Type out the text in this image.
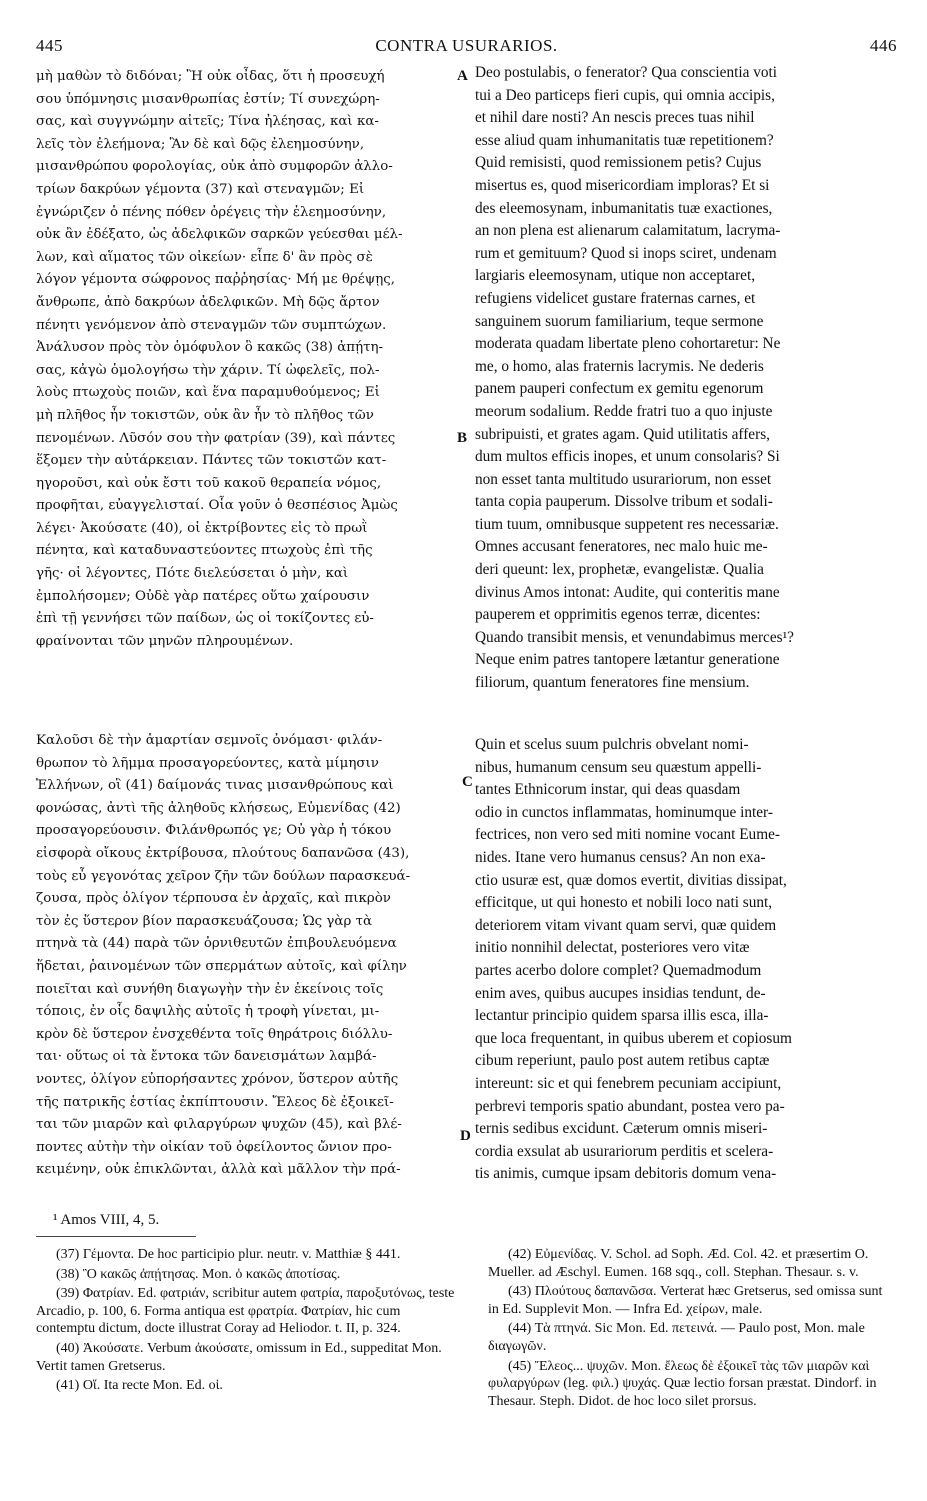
445	CONTRA USURARIOS.	446
A
B
C
D
μὴ μαθὼν τὸ διδόναι; Ἢ οὐκ οἶδας, ὅτι ἡ προσευχή
σου ὑπόμνησις μισανθρωπίας ἐστίν; Τί συνεχώρη-
σας, καὶ συγγνώμην αἰτεῖς; Τίνα ἠλέησας, καὶ κα-
λεῖς τὸν ἐλεήμονα; Ἂν δὲ καὶ δῷς ἐλεημοσύνην,
μισανθρώπου φορολογίας, οὐκ ἀπὸ συμφορῶν ἀλλο-
τρίων δακρύων γέμοντα (37) καὶ στεναγμῶν; Εἰ
ἐγνώριζεν ὁ πένης πόθεν ὀρέγεις τὴν ἐλεημοσύνην,
οὐκ ἂν ἐδέξατο, ὡς ἀδελφικῶν σαρκῶν γεύεσθαι μέλ-
λων, καὶ αἵματος τῶν οἰκείων· εἶπε δ' ἂν πρὸς σὲ
λόγον γέμοντα σώφρονος παῤῥησίας· Μή με θρέψῃς,
ἄνθρωπε, ἀπὸ δακρύων ἀδελφικῶν. Μὴ δῷς ἄρτον
πένητι γενόμενον ἀπὸ στεναγμῶν τῶν συμπτώχων.
Ἀνάλυσον πρὸς τὸν ὁμόφυλον ὃ κακῶς (38) ἀπῄτη-
σας, κἀγὼ ὁμολογήσω τὴν χάριν. Τί ὠφελεῖς, πολ-
λοὺς πτωχοὺς ποιῶν, καὶ ἕνα παραμυθούμενος; Εἰ
μὴ πλῆθος ἦν τοκιστῶν, οὐκ ἂν ἦν τὸ πλῆθος τῶν
πενομένων. Λῦσόν σου τὴν φατρίαν (39), καὶ πάντες
ἕξομεν τὴν αὐτάρκειαν. Πάντες τῶν τοκιστῶν κατ-
ηγοροῦσι, καὶ οὐκ ἔστι τοῦ κακοῦ θεραπεία νόμος,
προφῆται, εὐαγγελισταί. Οἷα γοῦν ὁ θεσπέσιος Ἀμὼς
λέγει· Ἀκούσατε (40), οἱ ἐκτρίβοντες εἰς τὸ πρωῒ
πένητα, καὶ καταδυναστεύοντες πτωχοὺς ἐπὶ τῆς
γῆς· οἱ λέγοντες, Πότε διελεύσεται ὁ μὴν, καὶ
ἐμπολήσομεν; Οὐδὲ γὰρ πατέρες οὕτω χαίρουσιν
ἐπὶ τῇ γεννήσει τῶν παίδων, ὡς οἱ τοκίζοντες εὐ-
φραίνονται τῶν μηνῶν πληρουμένων.
Καλοῦσι δὲ τὴν ἁμαρτίαν σεμνοῖς ὀνόμασι· φιλάν-
θρωπον τὸ λῆμμα προσαγορεύοντες, κατὰ μίμησιν
Ἑλλήνων, οἳ (41) δαίμονάς τινας μισανθρώπους καὶ
φονώσας, ἀντὶ τῆς ἀληθοῦς κλήσεως, Εὐμενίδας (42)
προσαγορεύουσιν. Φιλάνθρωπός γε; Οὐ γὰρ ἡ τόκου
εἰσφορὰ οἴκους ἐκτρίβουσα, πλούτους δαπανῶσα (43),
τοὺς εὖ γεγονότας χεῖρον ζῆν τῶν δούλων παρασκευά-
ζουσα, πρὸς ὀλίγον τέρπουσα ἐν ἀρχαῖς, καὶ πικρὸν
τὸν ἐς ὕστερον βίον παρασκευάζουσα; Ὡς γὰρ τὰ
πτηνὰ τὰ (44) παρὰ τῶν ὀρνιθευτῶν ἐπιβουλευόμενα
ἥδεται, ῥαινομένων τῶν σπερμάτων αὐτοῖς, καὶ φίλην
ποιεῖται καὶ συνήθη διαγωγὴν τὴν ἐν ἐκείνοις τοῖς
τόποις, ἐν οἷς δαψιλὴς αὐτοῖς ἡ τροφὴ γίνεται, μι-
κρὸν δὲ ὕστερον ἐνσχεθέντα τοῖς θηράτροις διόλλυ-
ται· οὕτως οἱ τὰ ἔντοκα τῶν δανεισμάτων λαμβά-
νοντες, ὀλίγον εὐπορήσαντες χρόνον, ὕστερον αὐτῆς
τῆς πατρικῆς ἑστίας ἐκπίπτουσιν. Ἔλεος δὲ ἐξοικεῖ-
ται τῶν μιαρῶν καὶ φιλαργύρων ψυχῶν (45), καὶ βλέ-
ποντες αὐτὴν τὴν οἰκίαν τοῦ ὀφείλοντος ὤνιον προ-
κειμένην, οὐκ ἐπικλῶνται, ἀλλὰ καὶ μᾶλλον τὴν πρά-
Deo postulabis, o fenerator? Qua conscientia voti
tui a Deo particeps fieri cupis, qui omnia accipis,
et nihil dare nosti? An nescis preces tuas nihil
esse aliud quam inhumanitatis tuæ repetitionem?
Quid remisisti, quod remissionem petis? Cujus
misertus es, quod misericordiam imploras? Et si
des eleemosynam, inbumanitatis tuæ exactiones,
an non plena est alienarum calamitatum, lacryma-
rum et gemituum? Quod si inops sciret, undenam
largiaris eleemosynam, utique non acceptaret,
refugiens videlicet gustare fraternas carnes, et
sanguinem suorum familiarium, teque sermone
moderata quadam libertate pleno cohortaretur: Ne
me, o homo, alas fraternis lacrymis. Ne dederis
panem pauperi confectum ex gemitu egenorum
meorum sodalium. Redde fratri tuo a quo injuste
subripuisti, et grates agam. Quid utilitatis affers,
dum multos efficis inopes, et unum consolaris? Si
non esset tanta multitudo usurariorum, non esset
tanta copia pauperum. Dissolve tribum et sodali-
tium tuum, omnibusque suppetent res necessariæ.
Omnes accusant feneratores, nec malo huic me-
deri queunt: lex, prophetæ, evangelistæ. Qualia
divinus Amos intonat: Audite, qui conteritis mane
pauperem et opprimitis egenos terræ, dicentes:
Quando transibit mensis, et venundabimus merces¹?
Neque enim patres tantopere lætantur generatione
filiorum, quantum feneratores fine mensium.
Quin et scelus suum pulchris obvelant nomi-
nibus, humanum censum seu quæstum appelli-
tantes Ethnicorum instar, qui deas quasdam
odio in cunctos inflammatas, hominumque inter-
fectrices, non vero sed miti nomine vocant Eume-
nides. Itane vero humanus census? An non exa-
ctio usuræ est, quæ domos evertit, divitias dissipat,
efficitque, ut qui honesto et nobili loco nati sunt,
deteriorem vitam vivant quam servi, quæ quidem
initio nonnihil delectat, posteriores vero vitæ
partes acerbo dolore complet? Quemadmodum
enim aves, quibus aucupes insidias tendunt, de-
lectantur principio quidem sparsa illis esca, illa-
que loca frequentant, in quibus uberem et copiosum
cibum reperiunt, paulo post autem retibus captæ
intereunt: sic et qui fenebrem pecuniam accipiunt,
perbrevi temporis spatio abundant, postea vero pa-
ternis sedibus excidunt. Cæterum omnis miseri-
cordia exsulat ab usurariorum perditis et scelera-
tis animis, cumque ipsam debitoris domum vena-
¹ Amos VIII, 4, 5.
(37) Γέμοντα. De hoc participio plur. neutr. v. Matthiæ § 441.
(38) Ὃ κακῶς ἀπῄτησας. Mon. ὁ κακῶς ἀποτίσας.
(39) Φατρίαν. Ed. φατριάν, scribitur autem φατρία, παροξυτόνως, teste Arcadio, p. 100, 6. Forma antiqua est φρατρία. Φατρίαν, hic cum contemptu dictum, docte illustrat Coray ad Heliodor. t. II, p. 324.
(40) Ἀκούσατε. Verbum ἀκούσατε, omissum in Ed., suppeditat Mon. Vertit tamen Gretserus.
(41) Οἵ. Ita recte Mon. Ed. οἱ.
(42) Εὐμενίδας. V. Schol. ad Soph. Æd. Col. 42. et præsertim O. Mueller. ad Æschyl. Eumen. 168 sqq., coll. Stephan. Thesaur. s. v.
(43) Πλούτους δαπανῶσα. Verterat hæc Gretserus, sed omissa sunt in Ed. Supplevit Mon. — Infra Ed. χείρων, male.
(44) Τὰ πτηνά. Sic Mon. Ed. πετεινά. — Paulo post, Mon. male διαγωγῶν.
(45) Ἔλεος... ψυχῶν. Mon. ἔλεως δὲ ἐξοικεῖ τὰς τῶν μιαρῶν καὶ φυλαργύρων (leg. φιλ.) ψυχάς. Quæ lectio forsan præstat. Dindorf. in Thesaur. Steph. Didot. de hoc loco silet prorsus.
